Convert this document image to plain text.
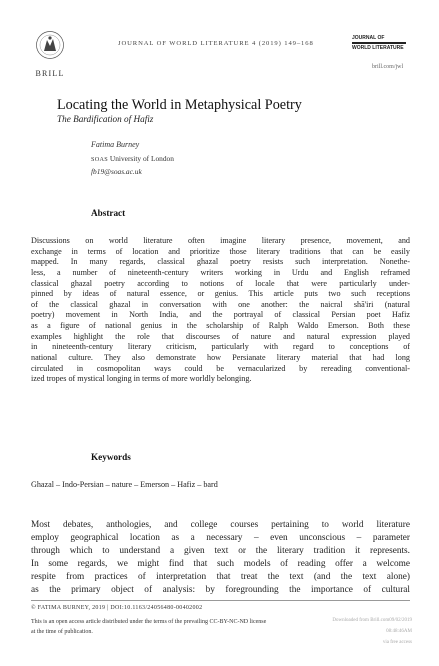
BRILL
JOURNAL OF WORLD LITERATURE 4 (2019) 149–168
JOURNAL OF
WORLD LITERATURE
brill.com/jwl
Locating the World in Metaphysical Poetry
The Bardification of Hafiz
Fatima Burney
SOAS University of London
fb19@soas.ac.uk
Abstract
Discussions on world literature often imagine literary presence, movement, and
exchange in terms of location and prioritize those literary traditions that can be easily
mapped. In many regards, classical ghazal poetry resists such interpretation. Nonethe-
less, a number of nineteenth-century writers working in Urdu and English reframed
classical ghazal poetry according to notions of locale that were particularly under-
pinned by ideas of natural essence, or genius. This article puts two such receptions
of the classical ghazal in conversation with one another: the naicral shā'iri (natural
poetry) movement in North India, and the portrayal of classical Persian poet Hafiz
as a figure of national genius in the scholarship of Ralph Waldo Emerson. Both these
examples highlight the role that discourses of nature and natural expression played
in nineteenth-century literary criticism, particularly with regard to conceptions of
national culture. They also demonstrate how Persianate literary material that had long
circulated in cosmopolitan ways could be vernacularized by rereading conventional-
ized tropes of mystical longing in terms of more worldly belonging.
Keywords
Ghazal – Indo-Persian – nature – Emerson – Hafiz – bard
Most debates, anthologies, and college courses pertaining to world literature
employ geographical location as a necessary – even unconscious – parameter
through which to understand a given text or the literary tradition it represents.
In some regards, we might find that such models of reading offer a welcome
respite from practices of interpretation that treat the text (and the text alone)
as the primary object of analysis: by foregrounding the importance of cultural
© FATIMA BURNEY, 2019 | DOI:10.1163/24056480-00402002
This is an open access article distributed under the terms of the prevailing CC-BY-NC-ND license
at the time of publication.
Downloaded from Brill.com09/02/2019 08:48:46AM
via free access
